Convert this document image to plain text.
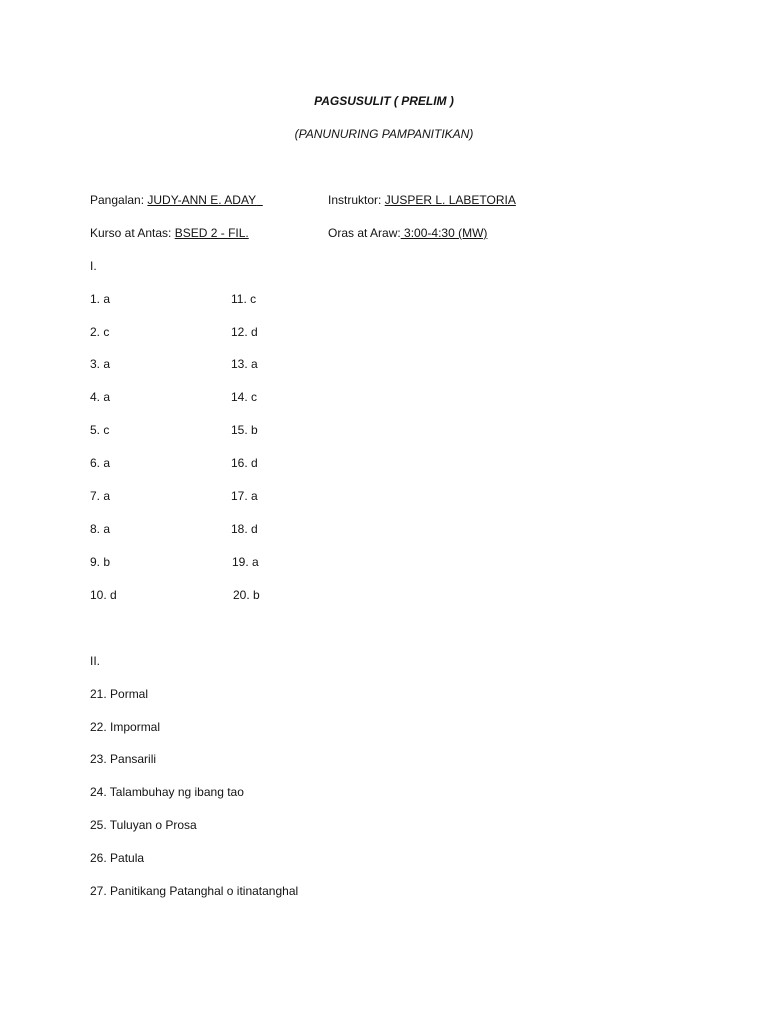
PAGSUSULIT ( PRELIM )
(PANUNURING PAMPANITIKAN)
Pangalan: JUDY-ANN E. ADAY	Instruktor: JUSPER L. LABETORIA
Kurso at Antas: BSED 2 - FIL.	Oras at Araw: 3:00-4:30 (MW)
I.
1. a
2. c
3. a
4. a
5. c
6. a
7. a
8. a
9. b
10. d
11. c
12. d
13. a
14. c
15. b
16. d
17. a
18. d
19. a
20. b
II.
21. Pormal
22. Impormal
23. Pansarili
24. Talambuhay ng ibang tao
25. Tuluyan o Prosa
26. Patula
27. Panitikang Patanghal o itinatanghal
